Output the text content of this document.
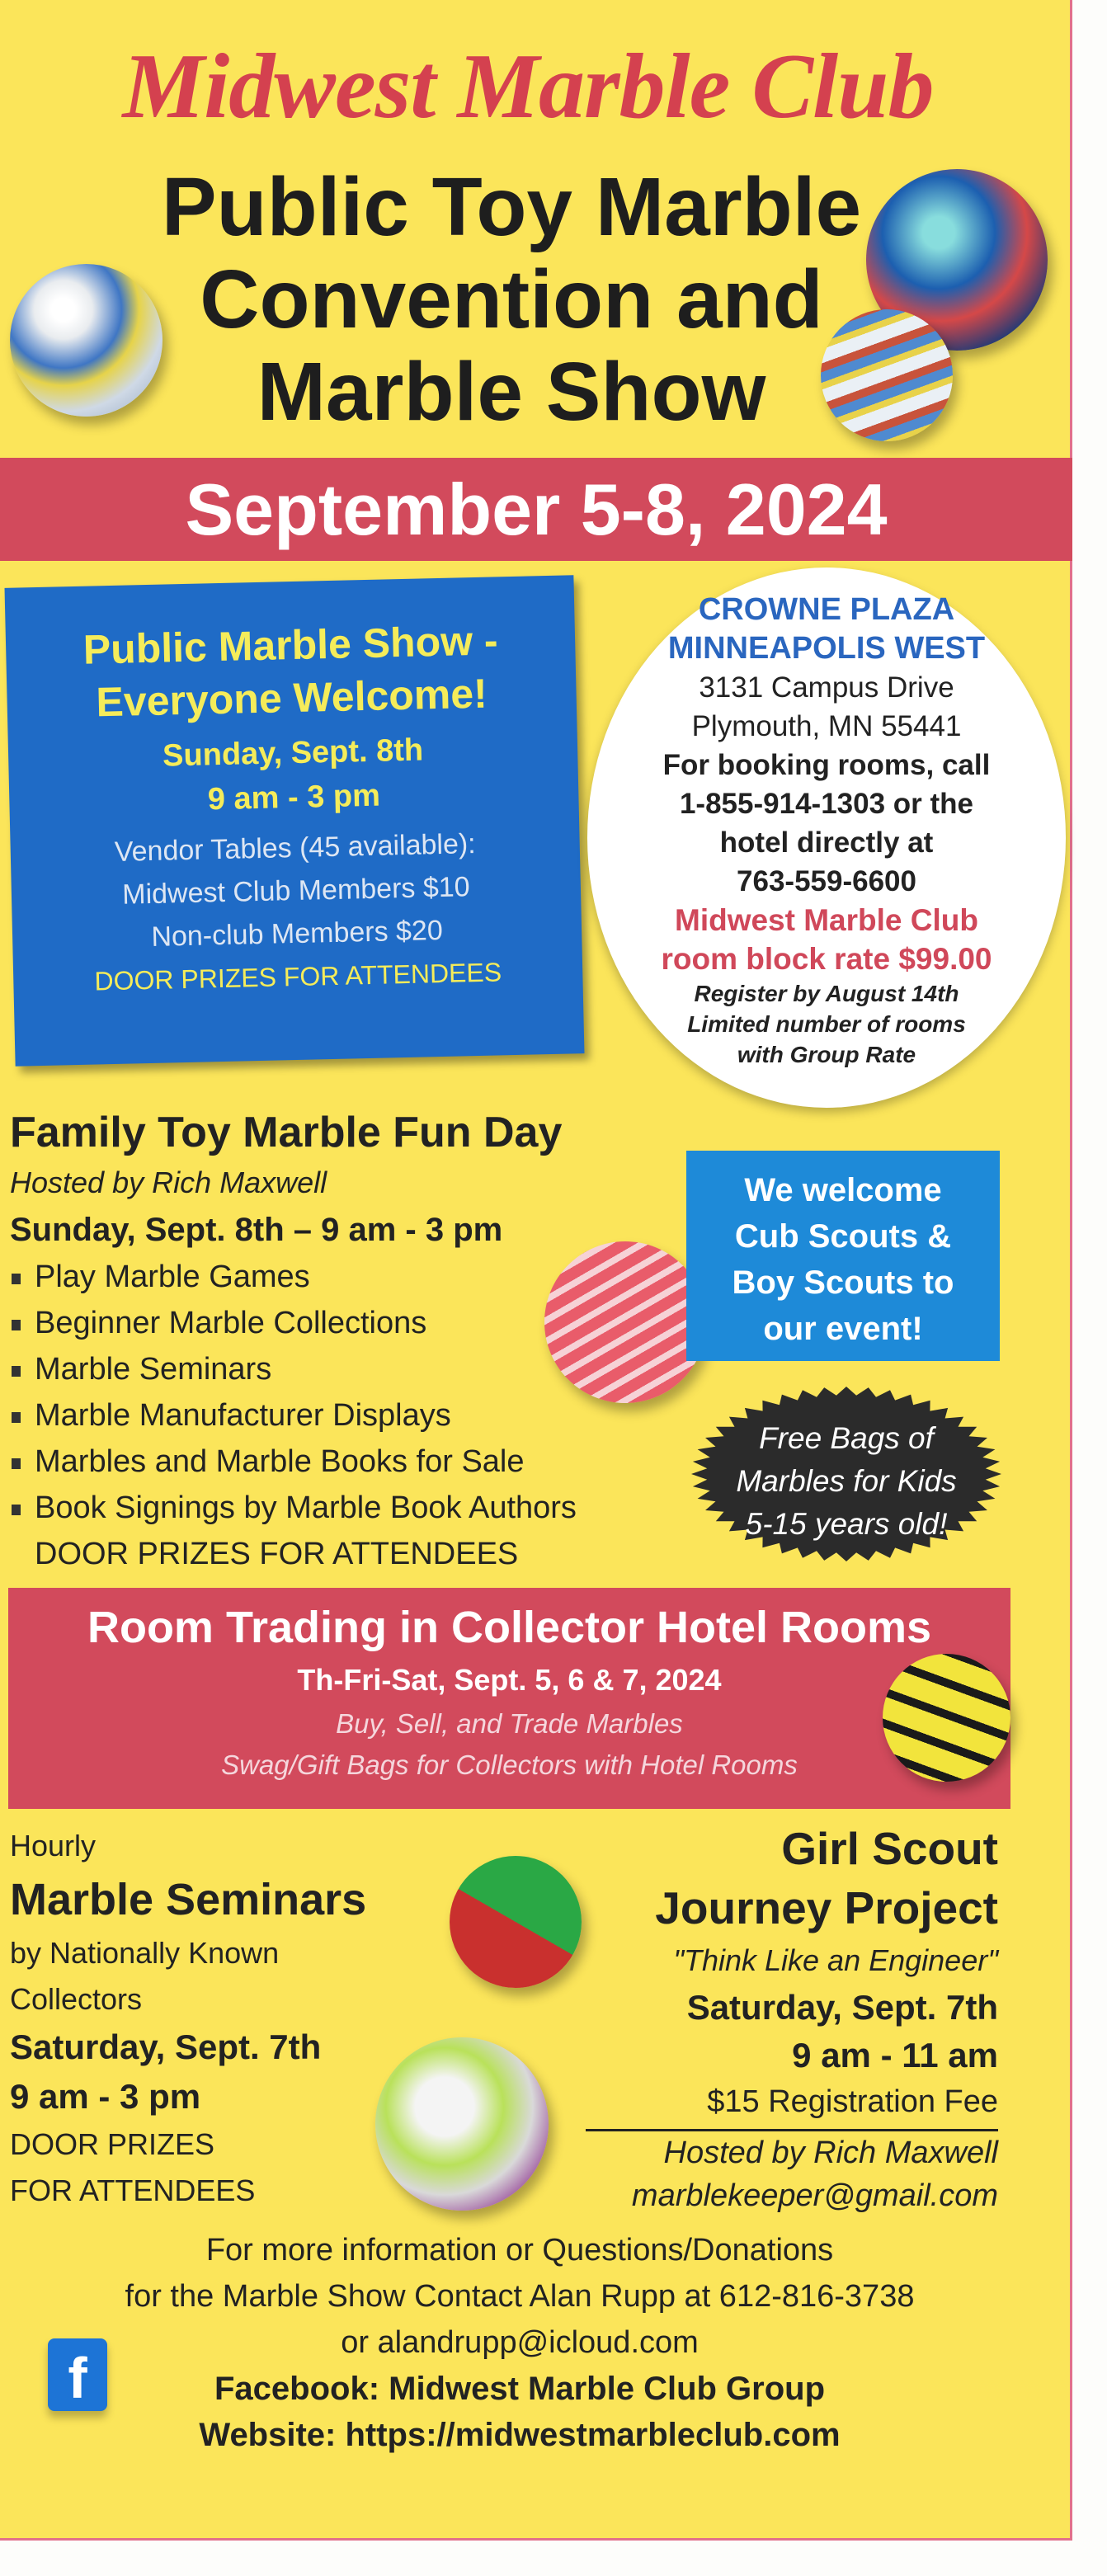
Midwest Marble Club
Public Toy Marble
Convention and
Marble Show
September 5-8, 2024
Public Marble Show -
Everyone Welcome!
Sunday, Sept. 8th
9 am - 3 pm
Vendor Tables (45 available):
Midwest Club Members $10
Non-club Members $20
DOOR PRIZES FOR ATTENDEES
CROWNE PLAZA
MINNEAPOLIS WEST
3131 Campus Drive
Plymouth, MN 55441
For booking rooms, call
1-855-914-1303 or the
hotel directly at
763-559-6600
Midwest Marble Club
room block rate $99.00
Register by August 14th
Limited number of rooms
with Group Rate
Family Toy Marble Fun Day
Hosted by Rich Maxwell
Sunday, Sept. 8th – 9 am - 3 pm
Play Marble Games
Beginner Marble Collections
Marble Seminars
Marble Manufacturer Displays
Marbles and Marble Books for Sale
Book Signings by Marble Book Authors
DOOR PRIZES FOR ATTENDEES
We welcome
Cub Scouts &
Boy Scouts to
our event!
Free Bags of
Marbles for Kids
5-15 years old!
Room Trading in Collector Hotel Rooms
Th-Fri-Sat, Sept. 5, 6 & 7, 2024
Buy, Sell, and Trade Marbles
Swag/Gift Bags for Collectors with Hotel Rooms
Hourly
Marble Seminars
by Nationally Known
Collectors
Saturday, Sept. 7th
9 am - 3 pm
DOOR PRIZES
FOR ATTENDEES
Girl Scout
Journey Project
"Think Like an Engineer"
Saturday, Sept. 7th
9 am - 11 am
$15 Registration Fee
Hosted by Rich Maxwell
marblekeeper@gmail.com
For more information or Questions/Donations
for the Marble Show Contact Alan Rupp at 612-816-3738
or alandrupp@icloud.com
Facebook: Midwest Marble Club Group
Website: https://midwestmarbleclub.com
f
